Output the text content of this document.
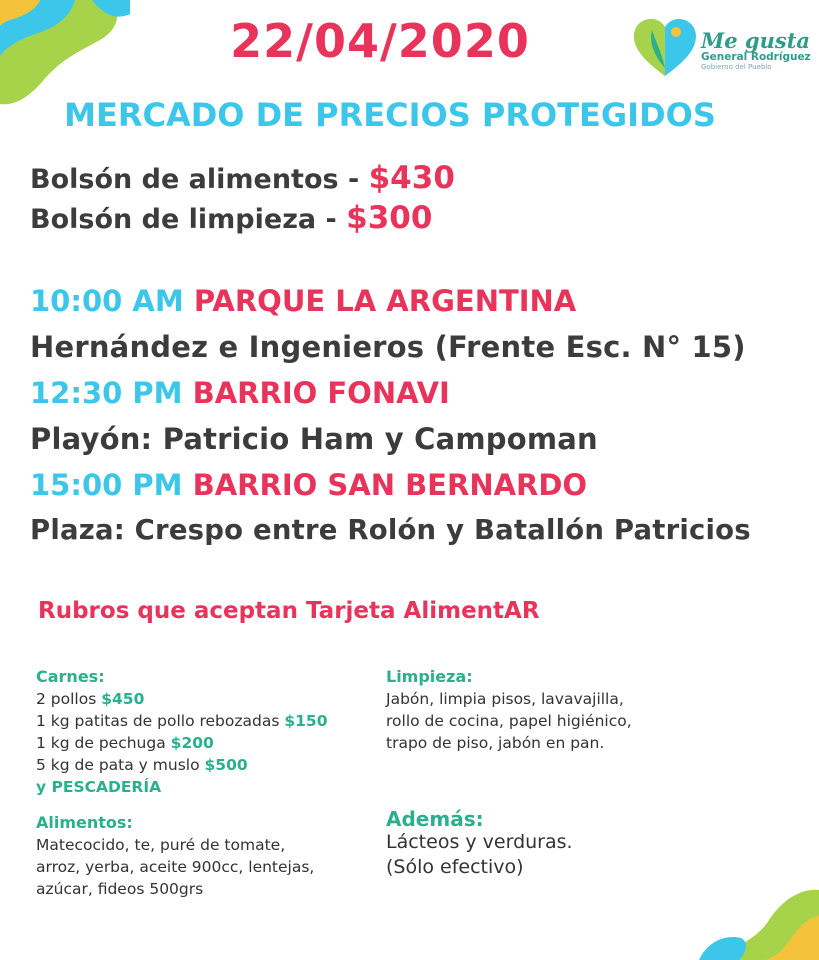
Me gusta
General Rodríguez
Gobierno del Pueblo
22/04/2020
MERCADO DE PRECIOS PROTEGIDOS
Bolsón de alimentos - $430
Bolsón de limpieza - $300
10:00 AM PARQUE LA ARGENTINA
Hernández e Ingenieros (Frente Esc. N° 15)
12:30 PM BARRIO FONAVI
Playón: Patricio Ham y Campoman
15:00 PM BARRIO SAN BERNARDO
Plaza: Crespo entre Rolón y Batallón Patricios
Rubros que aceptan Tarjeta AlimentAR
Carnes:
2 pollos $450
1 kg patitas de pollo rebozadas $150
1 kg de pechuga $200
5 kg de pata y muslo $500
y PESCADERÍA
Alimentos:
Matecocido, te, puré de tomate,
arroz, yerba, aceite 900cc, lentejas,
azúcar, fideos 500grs
Limpieza:
Jabón, limpia pisos, lavavajilla,
rollo de cocina, papel higiénico,
trapo de piso, jabón en pan.
Además:
Lácteos y verduras.
(Sólo efectivo)
